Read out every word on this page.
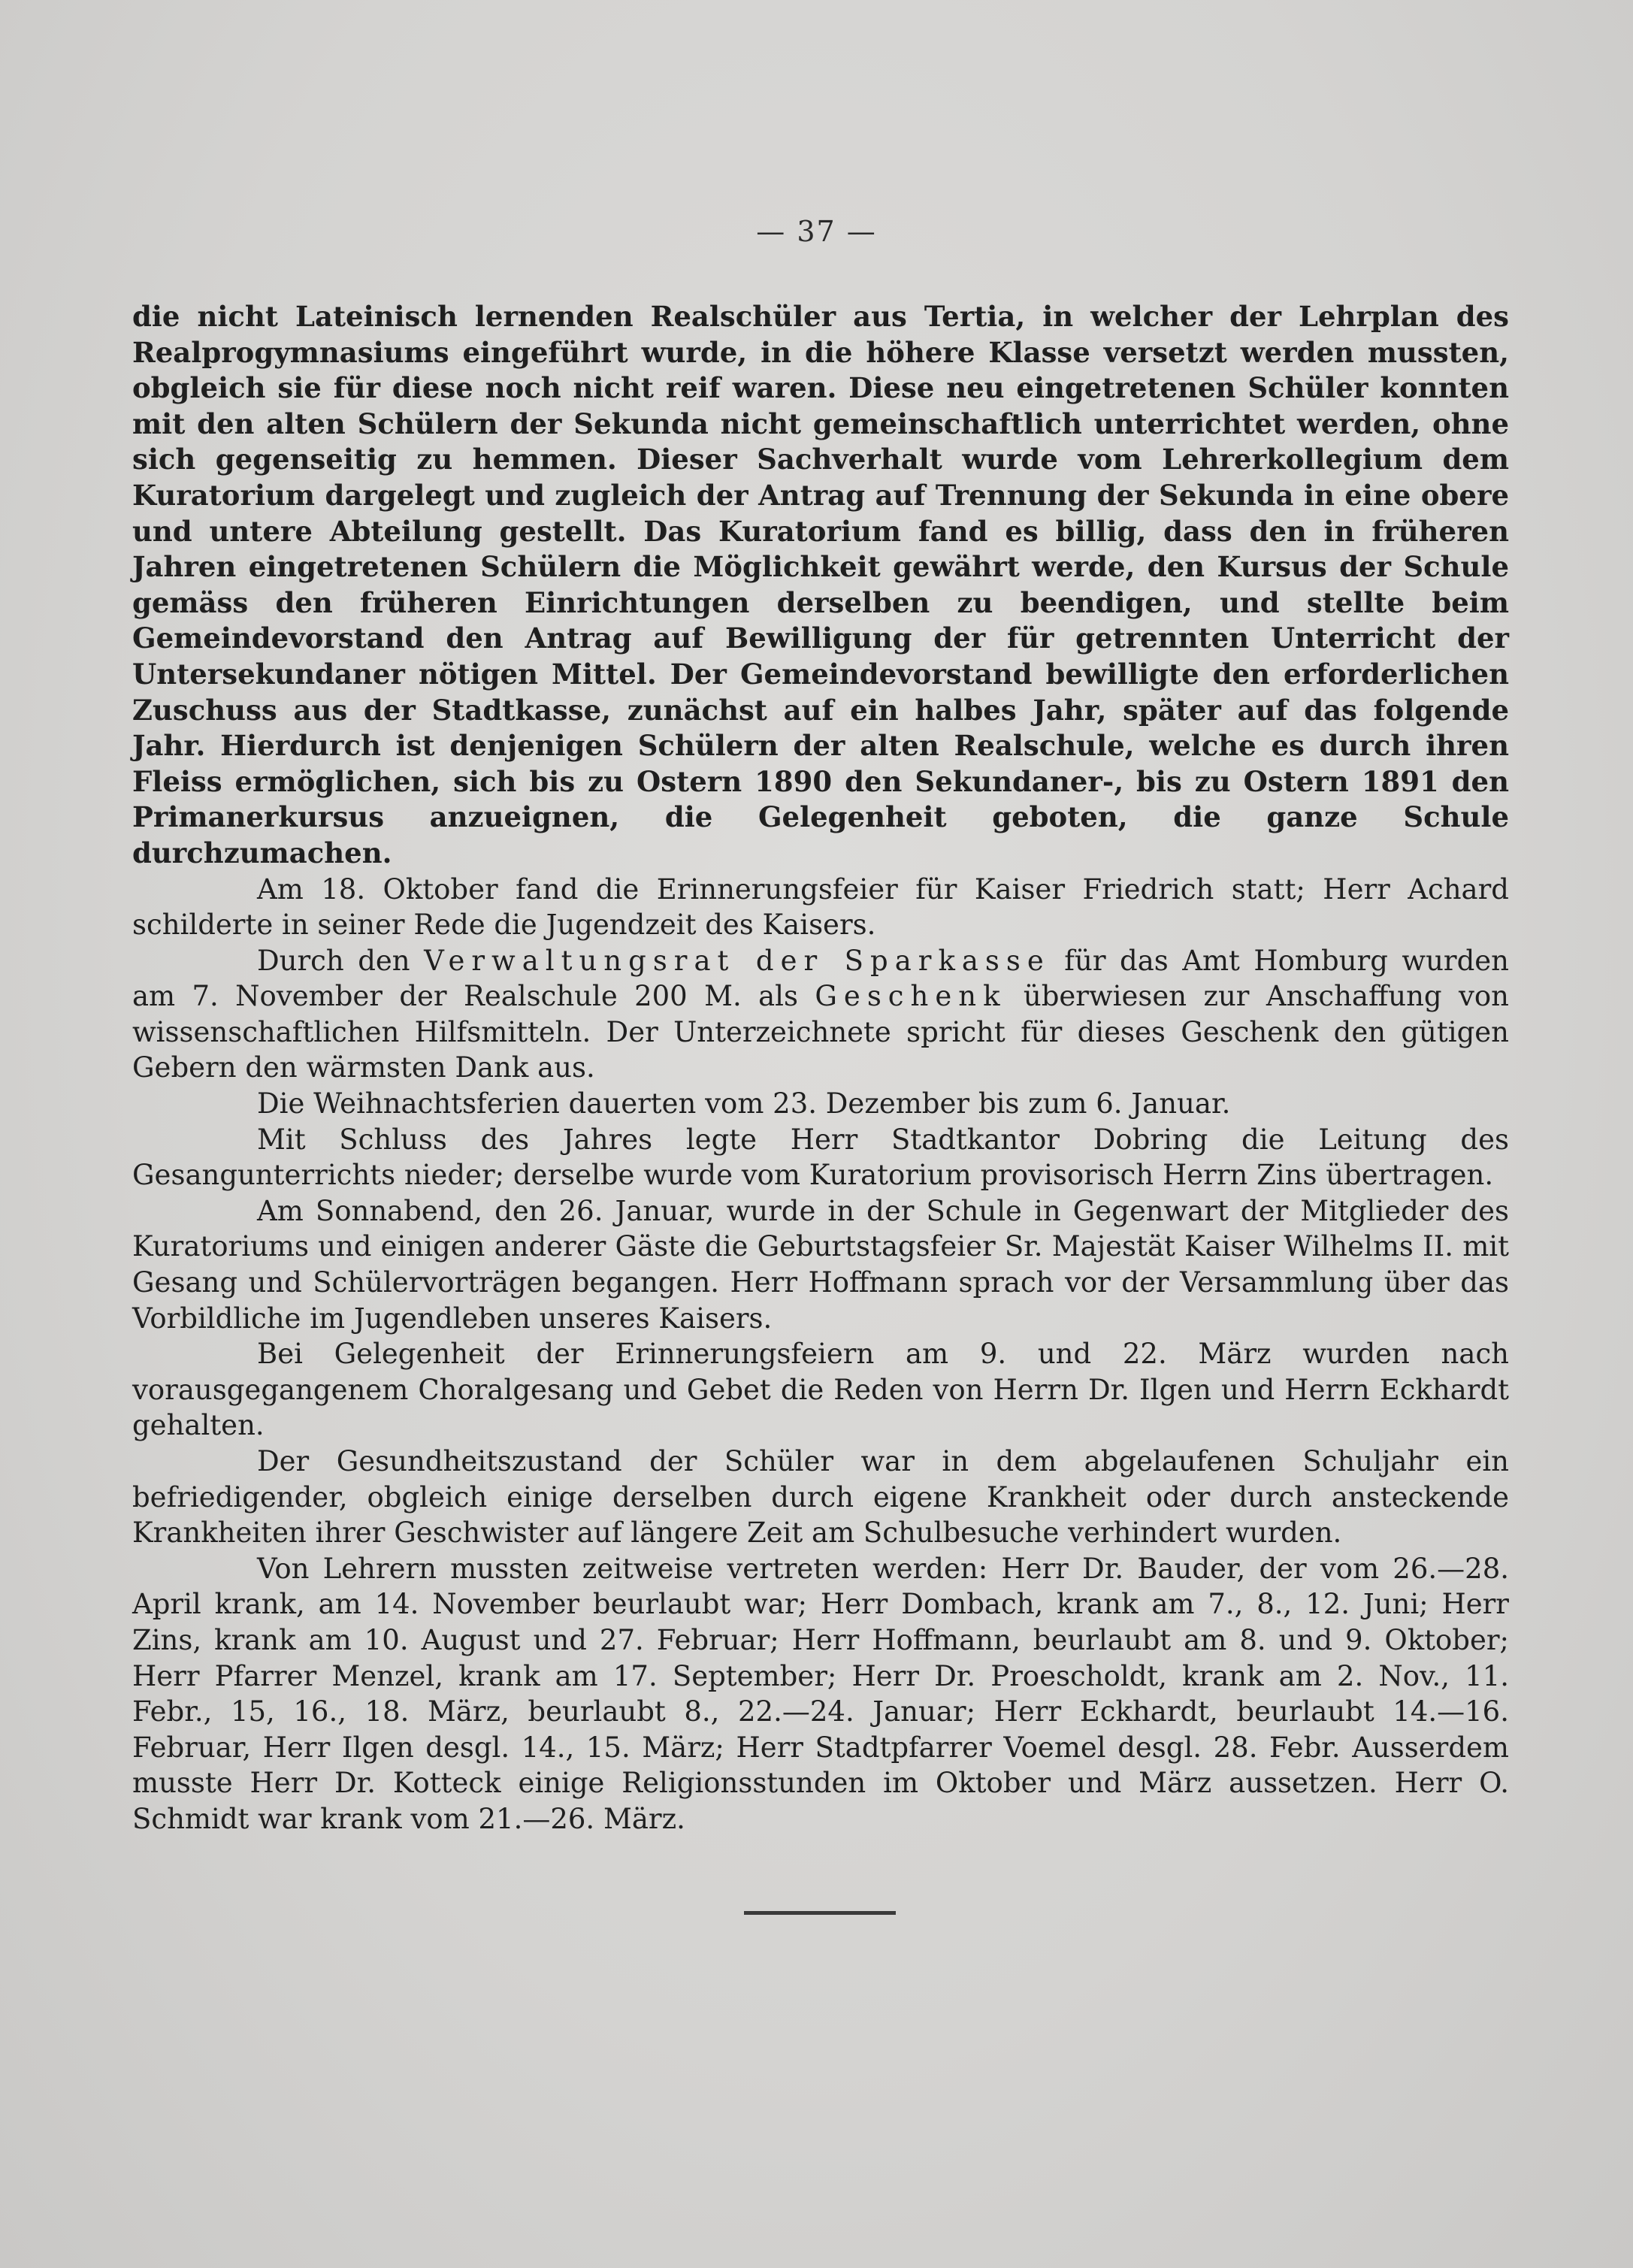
— 37 —

die nicht Lateinisch lernenden Realschüler aus Tertia, in welcher der Lehrplan des Realprogymnasiums eingeführt wurde, in die höhere Klasse versetzt werden mussten, obgleich sie für diese noch nicht reif waren. Diese neu eingetretenen Schüler konnten mit den alten Schülern der Sekunda nicht gemeinschaftlich unterrichtet werden, ohne sich gegenseitig zu hemmen. Dieser Sachverhalt wurde vom Lehrerkollegium dem Kuratorium dargelegt und zugleich der Antrag auf Trennung der Sekunda in eine obere und untere Abteilung gestellt. Das Kuratorium fand es billig, dass den in früheren Jahren eingetretenen Schülern die Möglichkeit gewährt werde, den Kursus der Schule gemäss den früheren Einrichtungen derselben zu beendigen, und stellte beim Gemeindevorstand den Antrag auf Bewilligung der für getrennten Unterricht der Untersekundaner nötigen Mittel. Der Gemeindevorstand bewilligte den erforderlichen Zuschuss aus der Stadtkasse, zunächst auf ein halbes Jahr, später auf das folgende Jahr. Hierdurch ist denjenigen Schülern der alten Realschule, welche es durch ihren Fleiss ermöglichen, sich bis zu Ostern 1890 den Sekundaner-, bis zu Ostern 1891 den Primanerkursus anzueignen, die Gelegenheit geboten, die ganze Schule durchzumachen.

Am 18. Oktober fand die Erinnerungsfeier für Kaiser Friedrich statt; Herr Achard schilderte in seiner Rede die Jugendzeit des Kaisers.

Durch den Verwaltungsrat der Sparkasse für das Amt Homburg wurden am 7. November der Realschule 200 M. als Geschenk überwiesen zur Anschaffung von wissenschaftlichen Hilfsmitteln. Der Unterzeichnete spricht für dieses Geschenk den gütigen Gebern den wärmsten Dank aus.

Die Weihnachtsferien dauerten vom 23. Dezember bis zum 6. Januar.

Mit Schluss des Jahres legte Herr Stadtkantor Dobring die Leitung des Gesangunterrichts nieder; derselbe wurde vom Kuratorium provisorisch Herrn Zins übertragen.

Am Sonnabend, den 26. Januar, wurde in der Schule in Gegenwart der Mitglieder des Kuratoriums und einigen anderer Gäste die Geburtstagsfeier Sr. Majestät Kaiser Wilhelms II. mit Gesang und Schülervorträgen begangen. Herr Hoffmann sprach vor der Versammlung über das Vorbildliche im Jugendleben unseres Kaisers.

Bei Gelegenheit der Erinnerungsfeiern am 9. und 22. März wurden nach vorausgegangenem Choralgesang und Gebet die Reden von Herrn Dr. Ilgen und Herrn Eckhardt gehalten.

Der Gesundheitszustand der Schüler war in dem abgelaufenen Schuljahr ein befriedigender, obgleich einige derselben durch eigene Krankheit oder durch ansteckende Krankheiten ihrer Geschwister auf längere Zeit am Schulbesuche verhindert wurden.

Von Lehrern mussten zeitweise vertreten werden: Herr Dr. Bauder, der vom 26.—28. April krank, am 14. November beurlaubt war; Herr Dombach, krank am 7., 8., 12. Juni; Herr Zins, krank am 10. August und 27. Februar; Herr Hoffmann, beurlaubt am 8. und 9. Oktober; Herr Pfarrer Menzel, krank am 17. September; Herr Dr. Proescholdt, krank am 2. Nov., 11. Febr., 15, 16., 18. März, beurlaubt 8., 22.—24. Januar; Herr Eckhardt, beurlaubt 14.—16. Februar, Herr Ilgen desgl. 14., 15. März; Herr Stadtpfarrer Voemel desgl. 28. Febr. Ausserdem musste Herr Dr. Kotteck einige Religionsstunden im Oktober und März aussetzen. Herr O. Schmidt war krank vom 21.—26. März.
